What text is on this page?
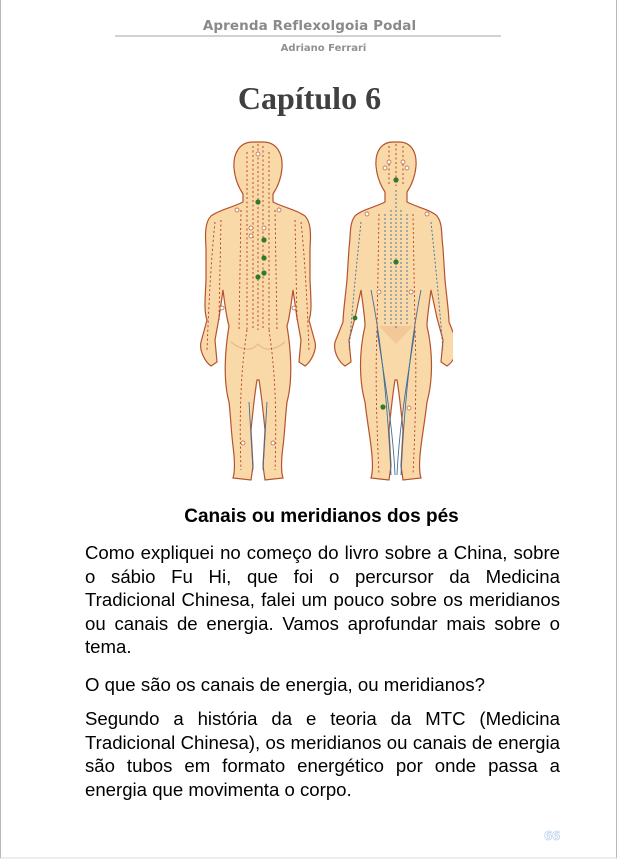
Aprenda Reflexolgoia Podal
Adriano Ferrari
Capítulo 6
Canais ou meridianos dos pés

Como expliquei no começo do livro sobre a China, sobre o sábio Fu Hi, que foi o percursor da Medicina Tradicional Chinesa, falei um pouco sobre os meridianos ou canais de energia. Vamos aprofundar mais sobre o tema.

O que são os canais de energia, ou meridianos?

Segundo a história da e teoria da MTC (Medicina Tradicional Chinesa), os meridianos ou canais de energia são tubos em formato energético por onde passa a energia que movimenta o corpo.

66
